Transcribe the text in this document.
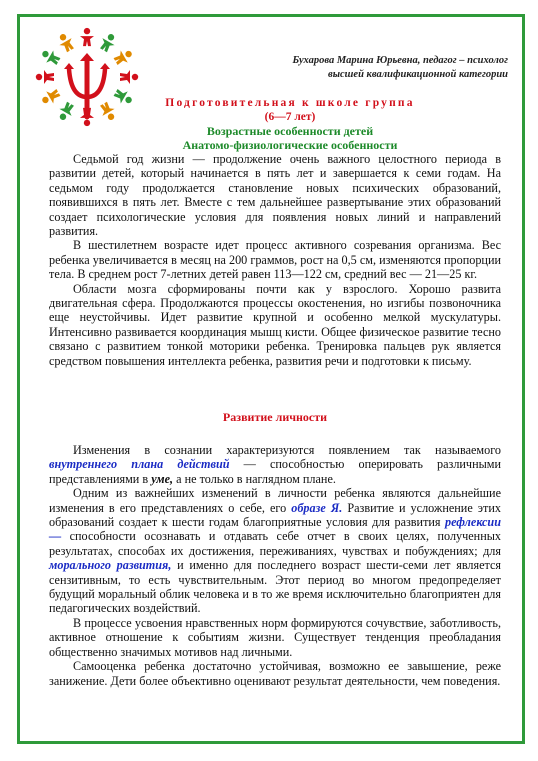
Бухарова Марина Юрьевна, педагог – психолог
высшей квалификационной категории
Подготовительная к школе группа
(6—7 лет)
Возрастные особенности детей
Анатомо-физиологические особенности

Седьмой год жизни — продолжение очень важного целостного периода в развитии детей, который начинается в пять лет и завершается к семи годам. На седьмом году продолжается становление новых психических образований, появившихся в пять лет. Вместе с тем дальнейшее развертывание этих образований создает психологические условия для появления новых линий и направлений развития.

В шестилетнем возрасте идет процесс активного созревания организма. Вес ребенка увеличивается в месяц на 200 граммов, рост на 0,5 см, изменяются пропорции тела. В среднем рост 7-летних детей равен 113—122 см, средний вес — 21—25 кг.

Области мозга сформированы почти как у взрослого. Хорошо развита двигательная сфера. Продолжаются процессы окостенения, но изгибы позвоночника еще неустойчивы. Идет развитие крупной и особенно мелкой мускулатуры. Интенсивно развивается координация мышц кисти. Общее физическое развитие тесно связано с развитием тонкой моторики ребенка. Тренировка пальцев рук является средством повышения интеллекта ребенка, развития речи и подготовки к письму.

Развитие личности

Изменения в сознании характеризуются появлением так называемого внутреннего плана действий — способностью оперировать различными представлениями в уме, а не только в наглядном плане.

Одним из важнейших изменений в личности ребенка являются дальнейшие изменения в его представлениях о себе, его образе Я. Развитие и усложнение этих образований создает к шести годам благоприятные условия для развития рефлексии — способности осознавать и отдавать себе отчет в своих целях, полученных результатах, способах их достижения, переживаниях, чувствах и побуждениях; для морального развития, и именно для последнего возраст шести-семи лет является сензитивным, то есть чувствительным. Этот период во многом предопределяет будущий моральный облик человека и в то же время исключительно благоприятен для педагогических воздействий.

В процессе усвоения нравственных норм формируются сочувствие, заботливость, активное отношение к событиям жизни. Существует тенденция преобладания общественно значимых мотивов над личными.

Самооценка ребенка достаточно устойчивая, возможно ее завышение, реже занижение. Дети более объективно оценивают результат деятельности, чем поведения.
